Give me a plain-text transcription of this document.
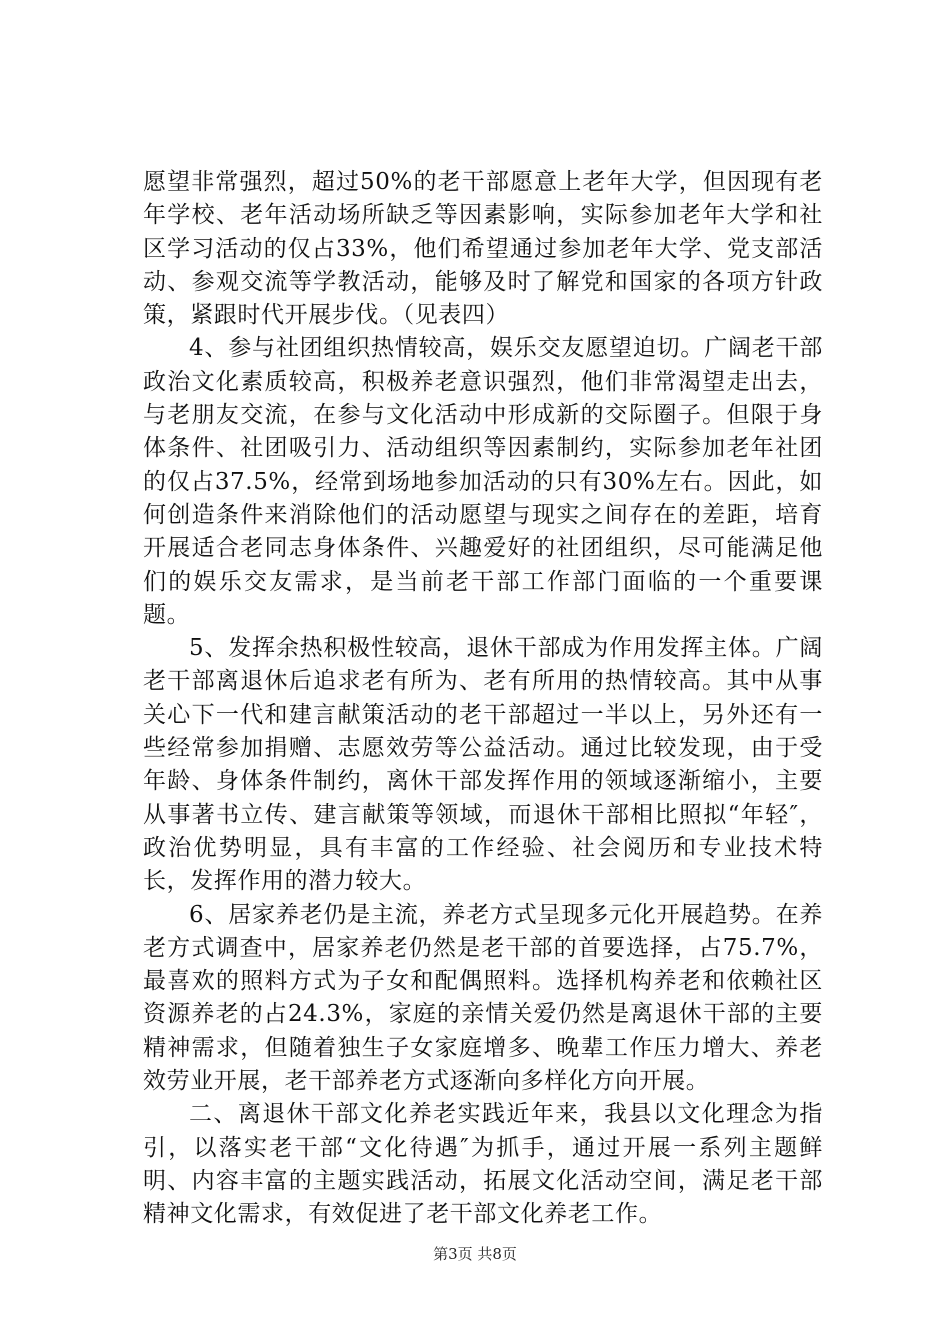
愿望非常强烈，超过50%的老干部愿意上老年大学，但因现有老年学校、老年活动场所缺乏等因素影响，实际参加老年大学和社区学习活动的仅占33%，他们希望通过参加老年大学、党支部活动、参观交流等学教活动，能够及时了解党和国家的各项方针政策，紧跟时代开展步伐。（见表四）

4、参与社团组织热情较高，娱乐交友愿望迫切。广阔老干部政治文化素质较高，积极养老意识强烈，他们非常渴望走出去，与老朋友交流，在参与文化活动中形成新的交际圈子。但限于身体条件、社团吸引力、活动组织等因素制约，实际参加老年社团的仅占37.5%，经常到场地参加活动的只有30%左右。因此，如何创造条件来消除他们的活动愿望与现实之间存在的差距，培育开展适合老同志身体条件、兴趣爱好的社团组织，尽可能满足他们的娱乐交友需求，是当前老干部工作部门面临的一个重要课题。

5、发挥余热积极性较高，退休干部成为作用发挥主体。广阔老干部离退休后追求老有所为、老有所用的热情较高。其中从事关心下一代和建言献策活动的老干部超过一半以上，另外还有一些经常参加捐赠、志愿效劳等公益活动。通过比较发现，由于受年龄、身体条件制约，离休干部发挥作用的领域逐渐缩小，主要从事著书立传、建言献策等领域，而退休干部相比照拟“年轻″，政治优势明显，具有丰富的工作经验、社会阅历和专业技术特长，发挥作用的潜力较大。

6、居家养老仍是主流，养老方式呈现多元化开展趋势。在养老方式调查中，居家养老仍然是老干部的首要选择，占75.7%，最喜欢的照料方式为子女和配偶照料。选择机构养老和依赖社区资源养老的占24.3%，家庭的亲情关爱仍然是离退休干部的主要精神需求，但随着独生子女家庭增多、晚辈工作压力增大、养老效劳业开展，老干部养老方式逐渐向多样化方向开展。

二、离退休干部文化养老实践近年来，我县以文化理念为指引，以落实老干部“文化待遇″为抓手，通过开展一系列主题鲜明、内容丰富的主题实践活动，拓展文化活动空间，满足老干部精神文化需求，有效促进了老干部文化养老工作。

第3页 共8页
